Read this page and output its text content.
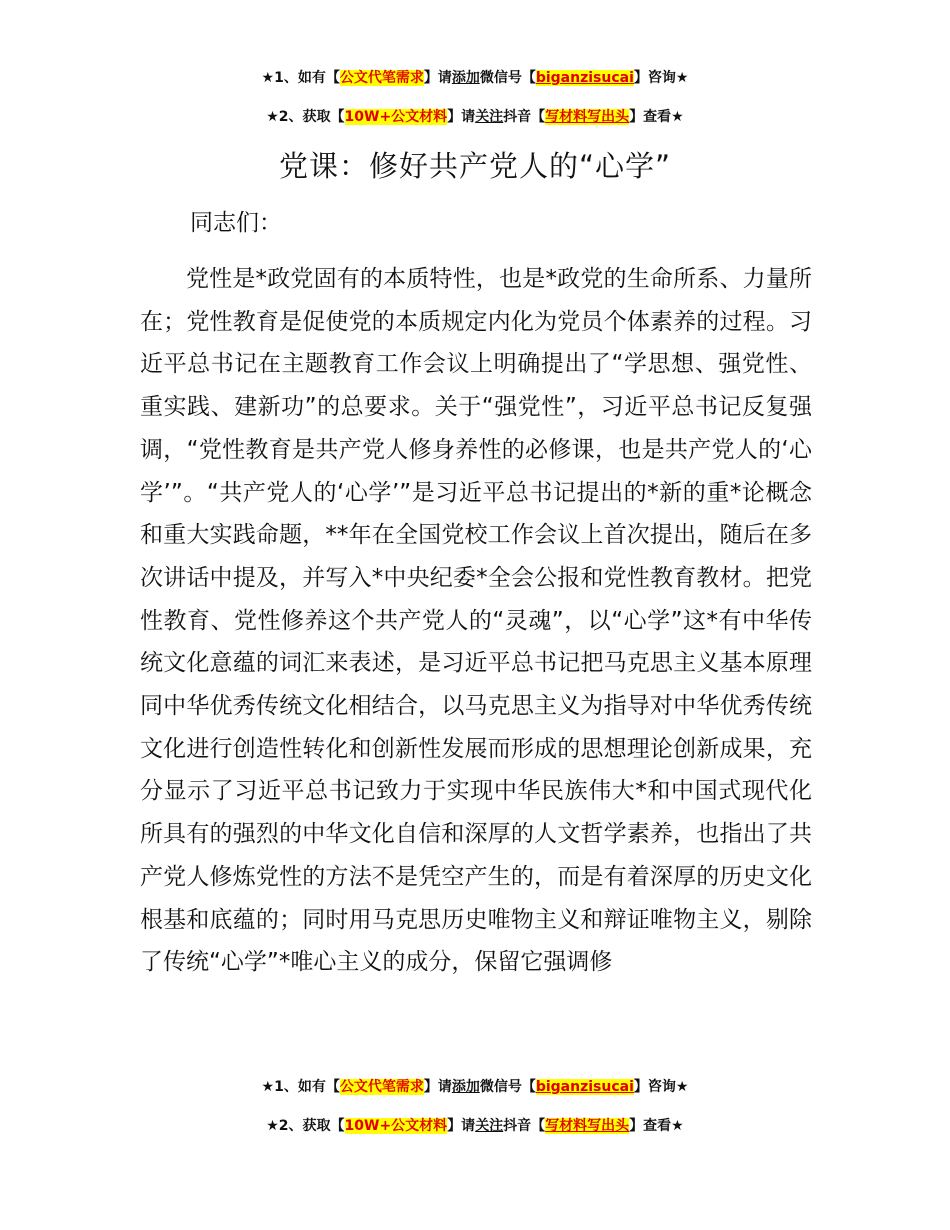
★1、如有【公文代笔需求】请添加微信号【biganzisucai】咨询★
★2、获取【10W+公文材料】请关注抖音【写材料写出头】查看★
党课：修好共产党人的“心学”
同志们：
党性是*政党固有的本质特性，也是*政党的生命所系、力量所在；党性教育是促使党的本质规定内化为党员个体素养的过程。习近平总书记在主题教育工作会议上明确提出了“学思想、强党性、重实践、建新功”的总要求。关于“强党性”，习近平总书记反复强调，“党性教育是共产党人修身养性的必修课，也是共产党人的‘心学’”。“共产党人的‘心学’”是习近平总书记提出的*新的重*论概念和重大实践命题，**年在全国党校工作会议上首次提出，随后在多次讲话中提及，并写入*中央纪委*全会公报和党性教育教材。把党性教育、党性修养这个共产党人的“灵魂”，以“心学”这*有中华传统文化意蕴的词汇来表述，是习近平总书记把马克思主义基本原理同中华优秀传统文化相结合，以马克思主义为指导对中华优秀传统文化进行创造性转化和创新性发展而形成的思想理论创新成果，充分显示了习近平总书记致力于实现中华民族伟大*和中国式现代化所具有的强烈的中华文化自信和深厚的人文哲学素养，也指出了共产党人修炼党性的方法不是凭空产生的，而是有着深厚的历史文化根基和底蕴的；同时用马克思历史唯物主义和辩证唯物主义，剔除了传统“心学”*唯心主义的成分，保留它强调修
★1、如有【公文代笔需求】请添加微信号【biganzisucai】咨询★
★2、获取【10W+公文材料】请关注抖音【写材料写出头】查看★
